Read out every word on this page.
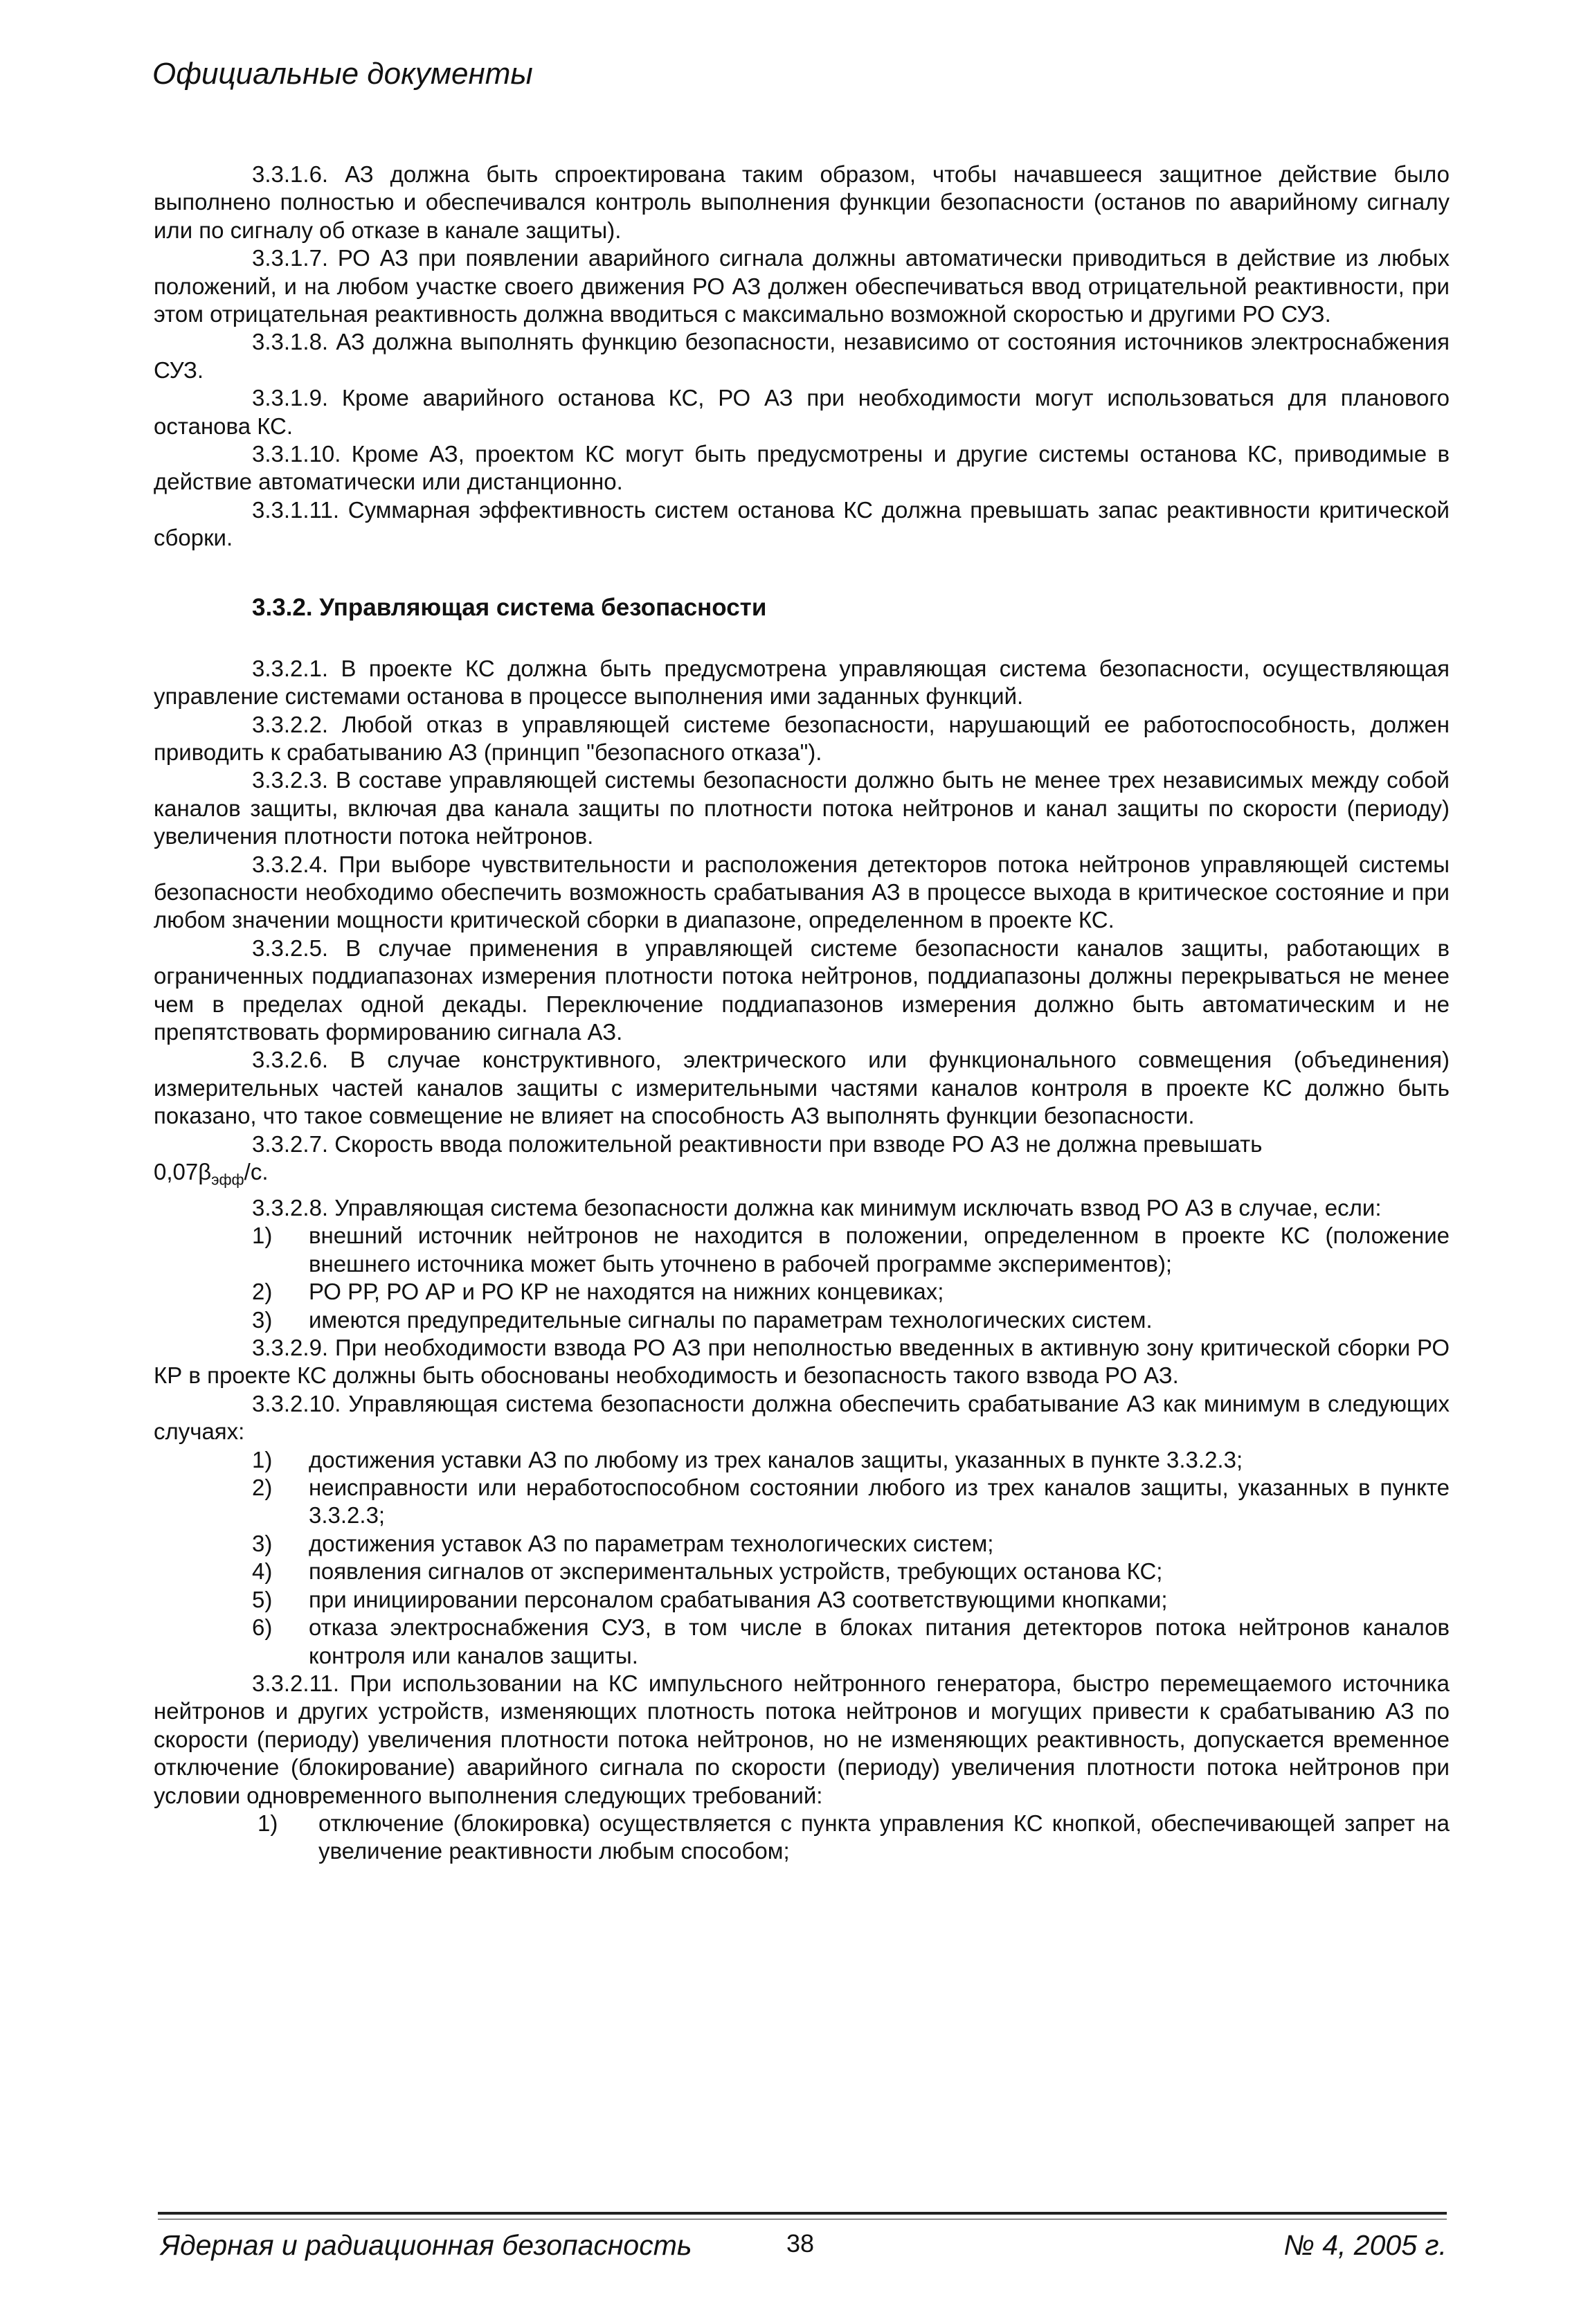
Официальные документы

3.3.1.6. АЗ должна быть спроектирована таким образом, чтобы начавшееся защитное действие было выполнено полностью и обеспечивался контроль выполнения функции безопасности (останов по аварийному сигналу или по сигналу об отказе в канале защиты).

3.3.1.7. РО АЗ при появлении аварийного сигнала должны автоматически приводиться в действие из любых положений, и на любом участке своего движения РО АЗ должен обеспечиваться ввод отрицательной реактивности, при этом отрицательная реактивность должна вводиться с максимально возможной скоростью и другими РО СУЗ.

3.3.1.8. АЗ должна выполнять функцию безопасности, независимо от состояния источников электроснабжения СУЗ.

3.3.1.9. Кроме аварийного останова КС, РО АЗ при необходимости могут использоваться для планового останова КС.

3.3.1.10. Кроме АЗ, проектом КС могут быть предусмотрены и другие системы останова КС, приводимые в действие автоматически или дистанционно.

3.3.1.11. Суммарная эффективность систем останова КС должна превышать запас реактивности критической сборки.

3.3.2. Управляющая система безопасности

3.3.2.1. В проекте КС должна быть предусмотрена управляющая система безопасности, осуществляющая управление системами останова в процессе выполнения ими заданных функций.

3.3.2.2. Любой отказ в управляющей системе безопасности, нарушающий ее работоспособность, должен приводить к срабатыванию АЗ (принцип "безопасного отказа").

3.3.2.3. В составе управляющей системы безопасности должно быть не менее трех независимых между собой каналов защиты, включая два канала защиты по плотности потока нейтронов и канал защиты по скорости (периоду) увеличения плотности потока нейтронов.

3.3.2.4. При выборе чувствительности и расположения детекторов потока нейтронов управляющей системы безопасности необходимо обеспечить возможность срабатывания АЗ в процессе выхода в критическое состояние и при любом значении мощности критической сборки в диапазоне, определенном в проекте КС.

3.3.2.5. В случае применения в управляющей системе безопасности каналов защиты, работающих в ограниченных поддиапазонах измерения плотности потока нейтронов, поддиапазоны должны перекрываться не менее чем в пределах одной декады. Переключение поддиапазонов измерения должно быть автоматическим и не препятствовать формированию сигнала АЗ.

3.3.2.6. В случае конструктивного, электрического или функционального совмещения (объединения) измерительных частей каналов защиты с измерительными частями каналов контроля в проекте КС должно быть показано, что такое совмещение не влияет на способность АЗ выполнять функции безопасности.

3.3.2.7. Скорость ввода положительной реактивности при взводе РО АЗ не должна превышать
$0,07\beta_{эфф}/с$.

3.3.2.8. Управляющая система безопасности должна как минимум исключать взвод РО АЗ в случае, если:

1) внешний источник нейтронов не находится в положении, определенном в проекте КС (положение внешнего источника может быть уточнено в рабочей программе экспериментов);
2) РО РР, РО АР и РО КР не находятся на нижних концевиках;
3) имеются предупредительные сигналы по параметрам технологических систем.

3.3.2.9. При необходимости взвода РО АЗ при неполностью введенных в активную зону критической сборки РО КР в проекте КС должны быть обоснованы необходимость и безопасность такого взвода РО АЗ.

3.3.2.10. Управляющая система безопасности должна обеспечить срабатывание АЗ как минимум в следующих случаях:

1) достижения уставки АЗ по любому из трех каналов защиты, указанных в пункте 3.3.2.3;
2) неисправности или неработоспособном состоянии любого из трех каналов защиты, указанных в пункте 3.3.2.3;
3) достижения уставок АЗ по параметрам технологических систем;
4) появления сигналов от экспериментальных устройств, требующих останова КС;
5) при инициировании персоналом срабатывания АЗ соответствующими кнопками;
6) отказа электроснабжения СУЗ, в том числе в блоках питания детекторов потока нейтронов каналов контроля или каналов защиты.

3.3.2.11. При использовании на КС импульсного нейтронного генератора, быстро перемещаемого источника нейтронов и других устройств, изменяющих плотность потока нейтронов и могущих привести к срабатыванию АЗ по скорости (периоду) увеличения плотности потока нейтронов, но не изменяющих реактивность, допускается временное отключение (блокирование) аварийного сигнала по скорости (периоду) увеличения плотности потока нейтронов при условии одновременного выполнения следующих требований:

1) отключение (блокировка) осуществляется с пункта управления КС кнопкой, обеспечивающей запрет на увеличение реактивности любым способом;
Ядерная и радиационная безопасность	38	№ 4, 2005 г.
